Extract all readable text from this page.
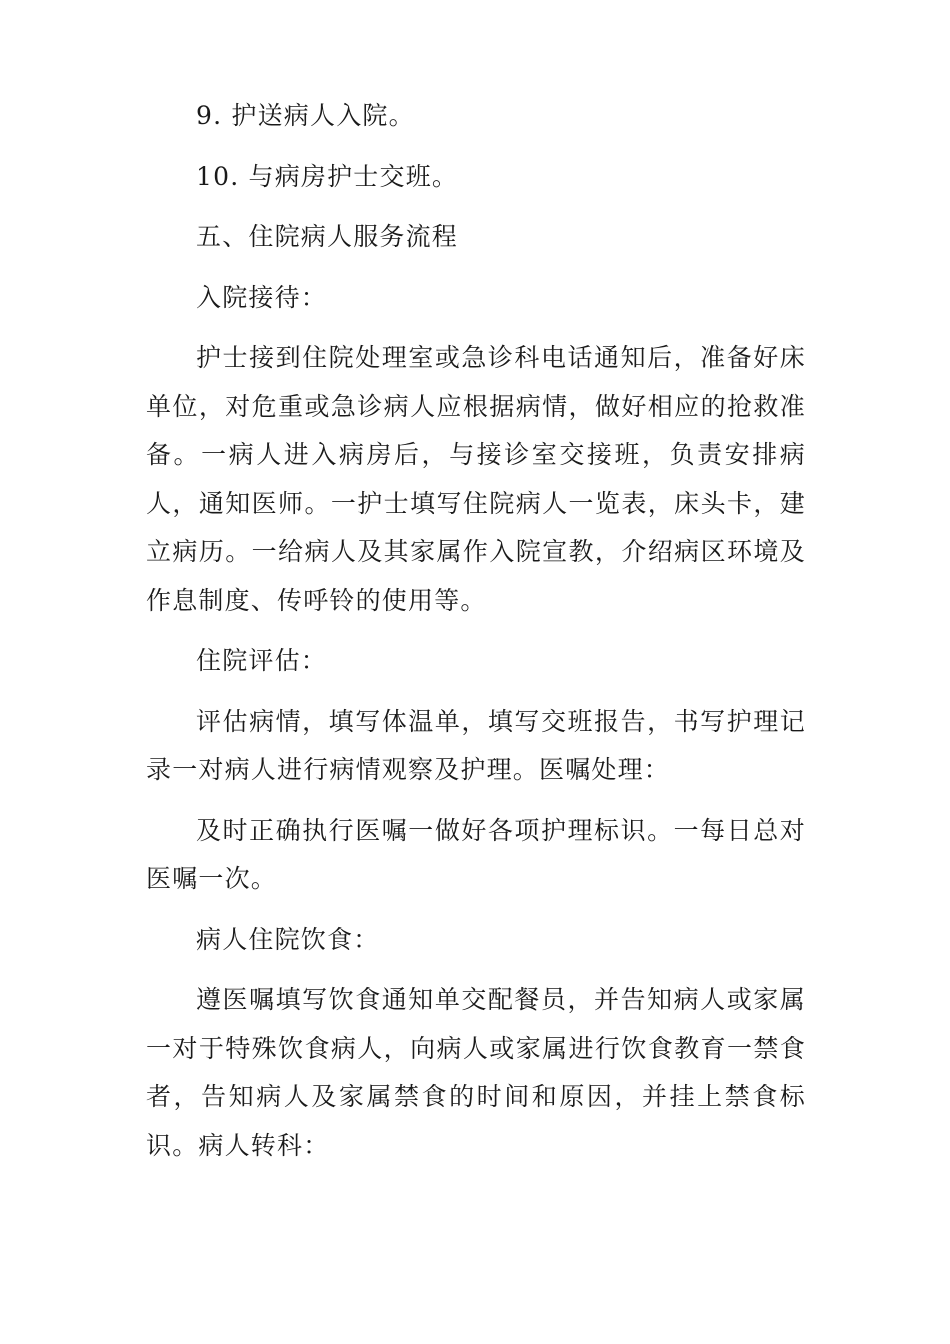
9. 护送病人入院。

10. 与病房护士交班。

五、住院病人服务流程

入院接待：

护士接到住院处理室或急诊科电话通知后，准备好床单位，对危重或急诊病人应根据病情，做好相应的抢救准备。一病人进入病房后，与接诊室交接班，负责安排病人，通知医师。一护士填写住院病人一览表，床头卡，建立病历。一给病人及其家属作入院宣教，介绍病区环境及作息制度、传呼铃的使用等。

住院评估：

评估病情，填写体温单，填写交班报告，书写护理记录一对病人进行病情观察及护理。医嘱处理：

及时正确执行医嘱一做好各项护理标识。一每日总对医嘱一次。

病人住院饮食：

遵医嘱填写饮食通知单交配餐员，并告知病人或家属一对于特殊饮食病人，向病人或家属进行饮食教育一禁食者，告知病人及家属禁食的时间和原因，并挂上禁食标识。病人转科：
